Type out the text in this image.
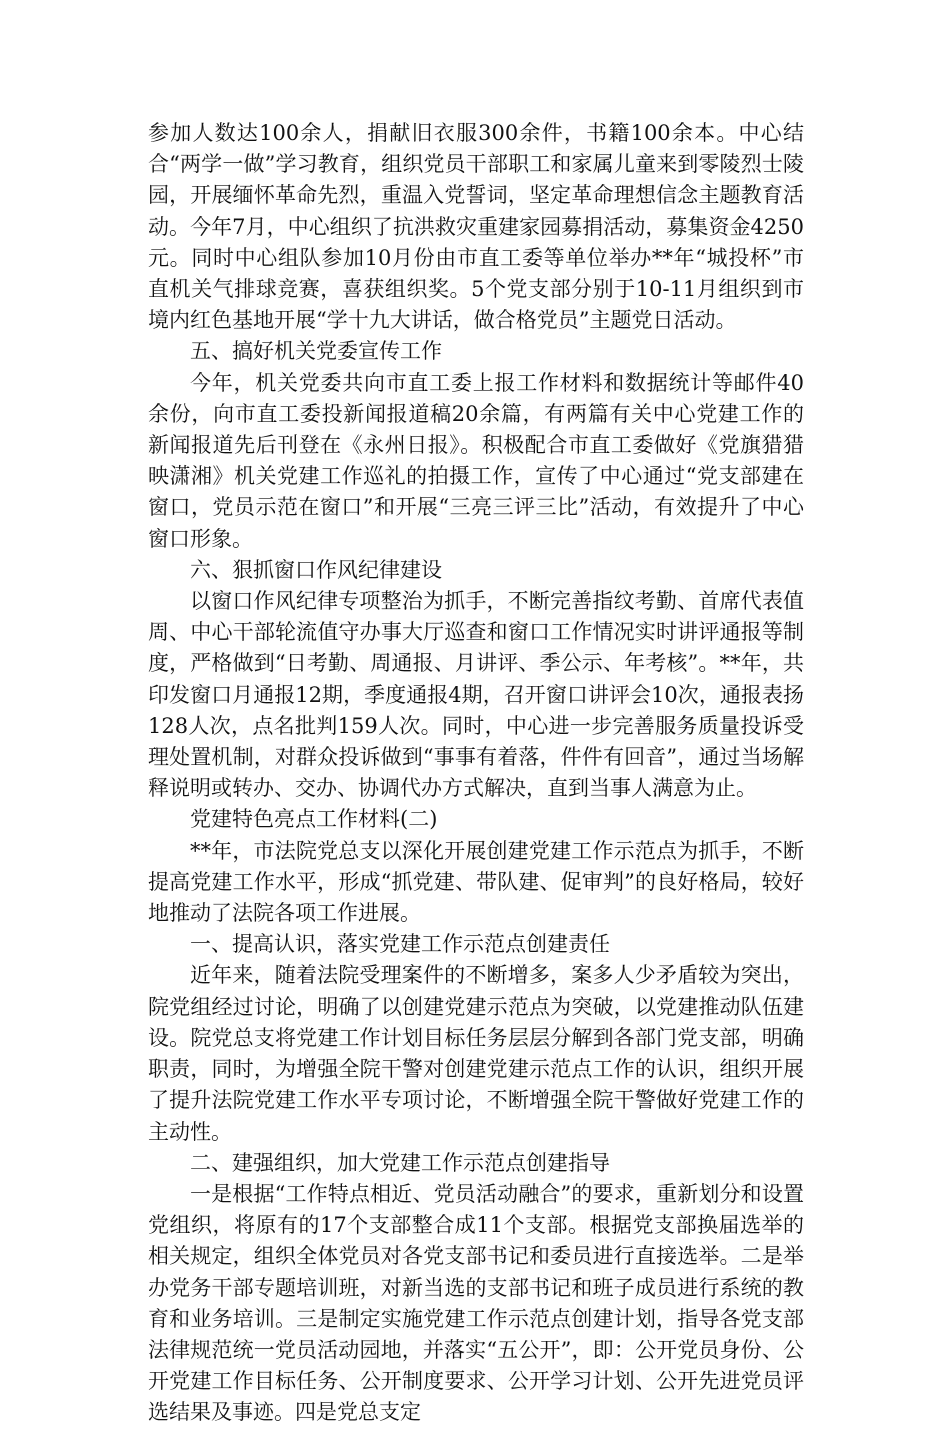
参加人数达100余人，捐献旧衣服300余件，书籍100余本。中心结合“两学一做”学习教育，组织党员干部职工和家属儿童来到零陵烈士陵园，开展缅怀革命先烈，重温入党誓词，坚定革命理想信念主题教育活动。今年7月，中心组织了抗洪救灾重建家园募捐活动，募集资金4250元。同时中心组队参加10月份由市直工委等单位举办**年“城投杯”市直机关气排球竞赛，喜获组织奖。5个党支部分别于10-11月组织到市境内红色基地开展“学十九大讲话，做合格党员”主题党日活动。

五、搞好机关党委宣传工作

今年，机关党委共向市直工委上报工作材料和数据统计等邮件40余份，向市直工委投新闻报道稿20余篇，有两篇有关中心党建工作的新闻报道先后刊登在《永州日报》。积极配合市直工委做好《党旗猎猎映潇湘》机关党建工作巡礼的拍摄工作，宣传了中心通过“党支部建在窗口，党员示范在窗口”和开展“三亮三评三比”活动，有效提升了中心窗口形象。

六、狠抓窗口作风纪律建设

以窗口作风纪律专项整治为抓手，不断完善指纹考勤、首席代表值周、中心干部轮流值守办事大厅巡查和窗口工作情况实时讲评通报等制度，严格做到“日考勤、周通报、月讲评、季公示、年考核”。**年，共印发窗口月通报12期，季度通报4期，召开窗口讲评会10次，通报表扬128人次，点名批判159人次。同时，中心进一步完善服务质量投诉受理处置机制，对群众投诉做到“事事有着落，件件有回音”，通过当场解释说明或转办、交办、协调代办方式解决，直到当事人满意为止。

党建特色亮点工作材料(二)

**年，市法院党总支以深化开展创建党建工作示范点为抓手，不断提高党建工作水平，形成“抓党建、带队建、促审判”的良好格局，较好地推动了法院各项工作进展。

一、提高认识，落实党建工作示范点创建责任

近年来，随着法院受理案件的不断增多，案多人少矛盾较为突出，院党组经过讨论，明确了以创建党建示范点为突破，以党建推动队伍建设。院党总支将党建工作计划目标任务层层分解到各部门党支部，明确职责，同时，为增强全院干警对创建党建示范点工作的认识，组织开展了提升法院党建工作水平专项讨论，不断增强全院干警做好党建工作的主动性。

二、建强组织，加大党建工作示范点创建指导

一是根据“工作特点相近、党员活动融合”的要求，重新划分和设置党组织，将原有的17个支部整合成11个支部。根据党支部换届选举的相关规定，组织全体党员对各党支部书记和委员进行直接选举。二是举办党务干部专题培训班，对新当选的支部书记和班子成员进行系统的教育和业务培训。三是制定实施党建工作示范点创建计划，指导各党支部法律规范统一党员活动园地，并落实“五公开”，即：公开党员身份、公开党建工作目标任务、公开制度要求、公开学习计划、公开先进党员评选结果及事迹。四是党总支定
